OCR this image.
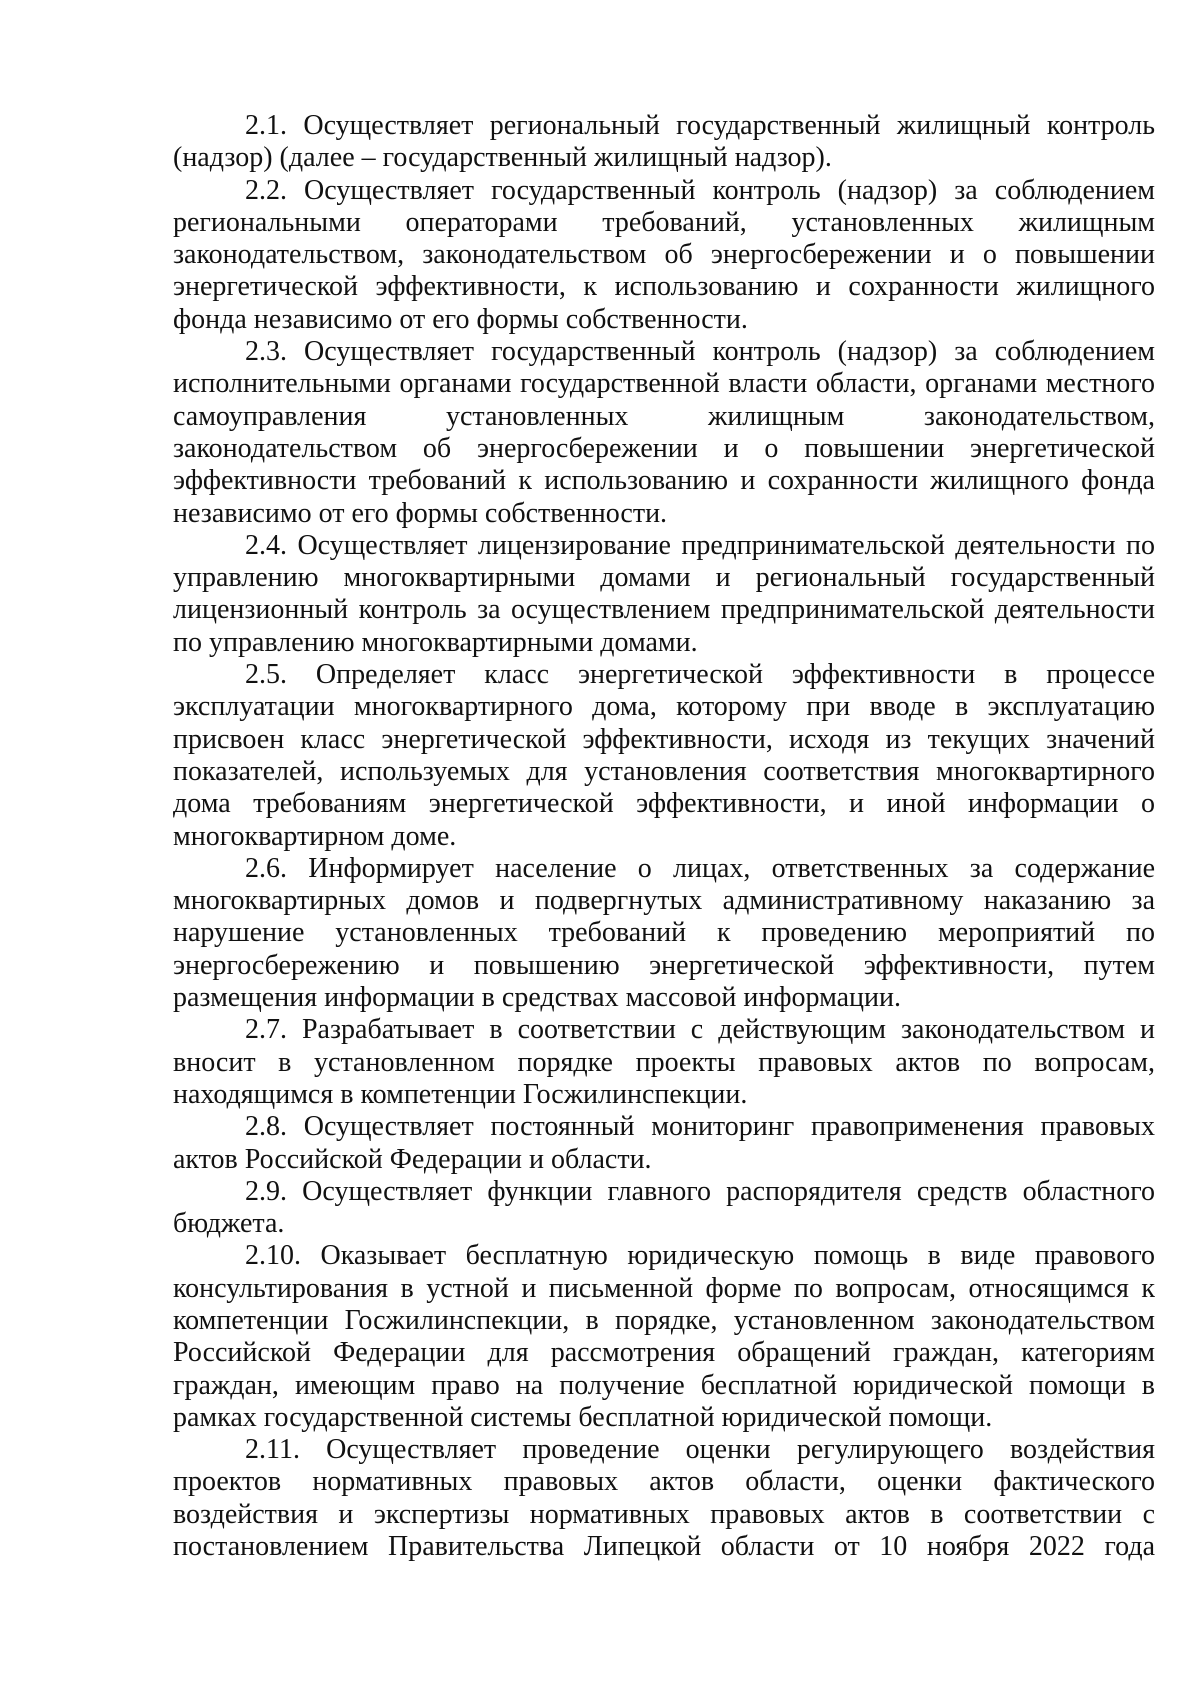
2.1. Осуществляет региональный государственный жилищный контроль (надзор) (далее – государственный жилищный надзор).

2.2. Осуществляет государственный контроль (надзор) за соблюдением региональными операторами требований, установленных жилищным законодательством, законодательством об энергосбережении и о повышении энергетической эффективности, к использованию и сохранности жилищного фонда независимо от его формы собственности.

2.3. Осуществляет государственный контроль (надзор) за соблюдением исполнительными органами государственной власти области, органами местного самоуправления установленных жилищным законодательством, законодательством об энергосбережении и о повышении энергетической эффективности требований к использованию и сохранности жилищного фонда независимо от его формы собственности.

2.4. Осуществляет лицензирование предпринимательской деятельности по управлению многоквартирными домами и региональный государственный лицензионный контроль за осуществлением предпринимательской деятельности по управлению многоквартирными домами.

2.5. Определяет класс энергетической эффективности в процессе эксплуатации многоквартирного дома, которому при вводе в эксплуатацию присвоен класс энергетической эффективности, исходя из текущих значений показателей, используемых для установления соответствия многоквартирного дома требованиям энергетической эффективности, и иной информации о многоквартирном доме.

2.6. Информирует население о лицах, ответственных за содержание многоквартирных домов и подвергнутых административному наказанию за нарушение установленных требований к проведению мероприятий по энергосбережению и повышению энергетической эффективности, путем размещения информации в средствах массовой информации.

2.7. Разрабатывает в соответствии с действующим законодательством и вносит в установленном порядке проекты правовых актов по вопросам, находящимся в компетенции Госжилинспекции.

2.8. Осуществляет постоянный мониторинг правоприменения правовых актов Российской Федерации и области.

2.9. Осуществляет функции главного распорядителя средств областного бюджета.

2.10. Оказывает бесплатную юридическую помощь в виде правового консультирования в устной и письменной форме по вопросам, относящимся к компетенции Госжилинспекции, в порядке, установленном законодательством Российской Федерации для рассмотрения обращений граждан, категориям граждан, имеющим право на получение бесплатной юридической помощи в рамках государственной системы бесплатной юридической помощи.

2.11. Осуществляет проведение оценки регулирующего воздействия проектов нормативных правовых актов области, оценки фактического воздействия и экспертизы нормативных правовых актов в соответствии с постановлением Правительства Липецкой области от 10 ноября 2022 года
